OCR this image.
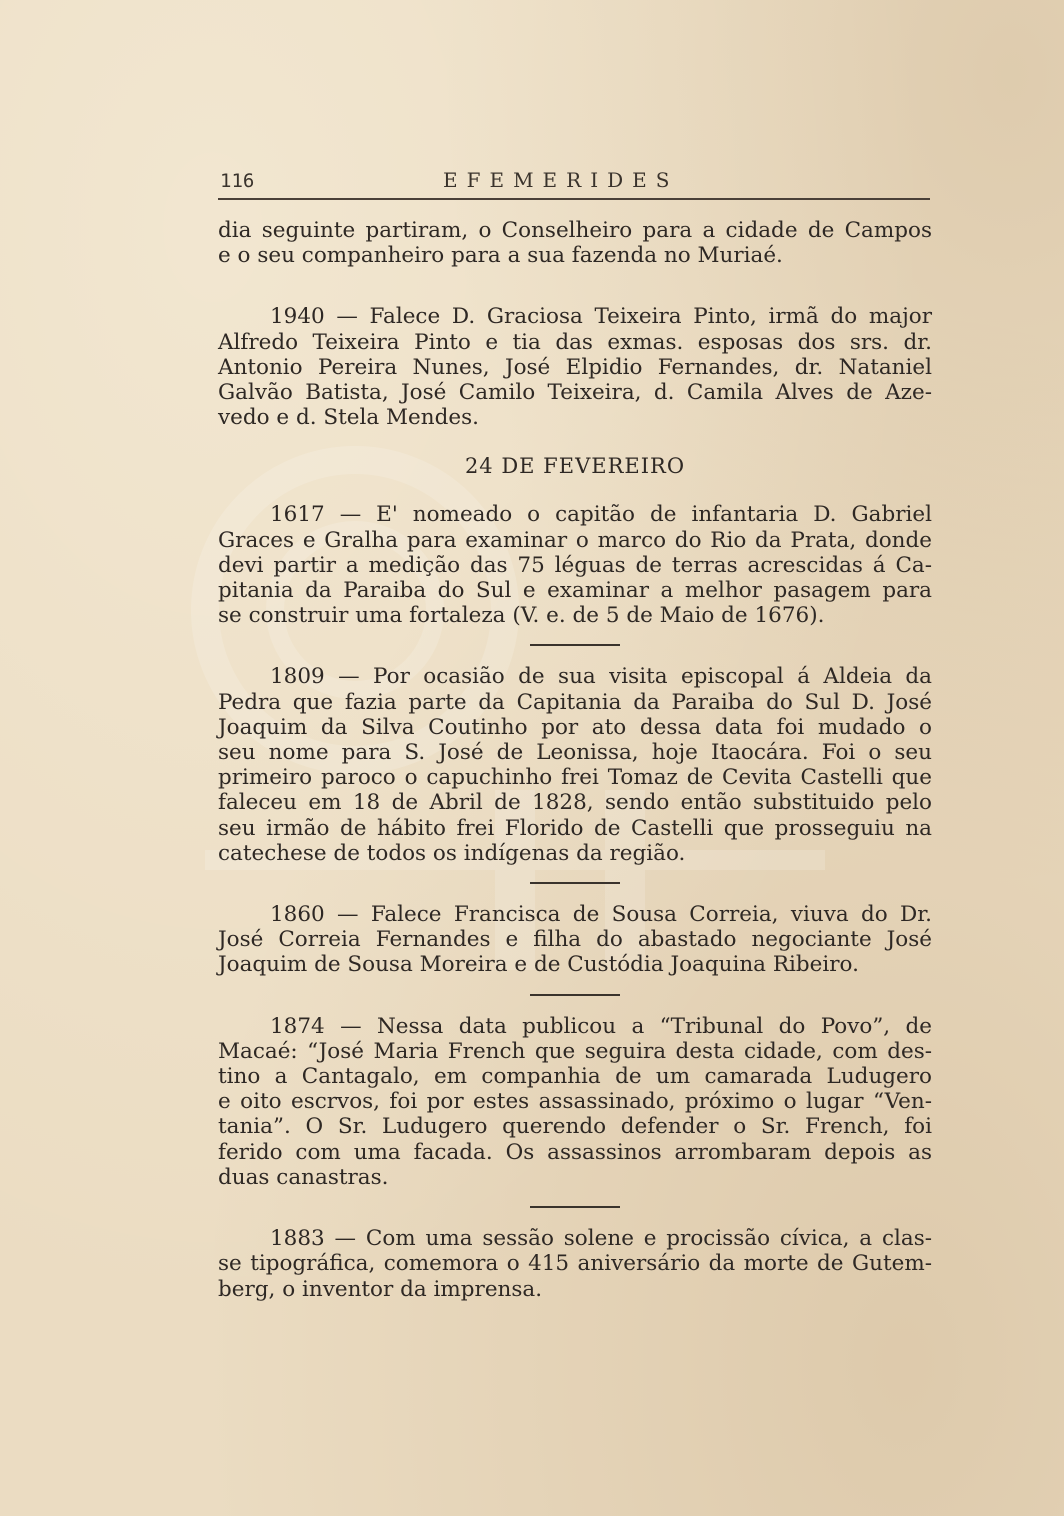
116	EFEMERIDES

dia seguinte partiram, o Conselheiro para a cidade de Campos
e o seu companheiro para a sua fazenda no Muriaé.

1940 — Falece D. Graciosa Teixeira Pinto, irmã do major
Alfredo Teixeira Pinto e tia das exmas. esposas dos srs. dr.
Antonio Pereira Nunes, José Elpidio Fernandes, dr. Nataniel
Galvão Batista, José Camilo Teixeira, d. Camila Alves de Aze-
vedo e d. Stela Mendes.

24 DE FEVEREIRO

1617 — E' nomeado o capitão de infantaria D. Gabriel
Graces e Gralha para examinar o marco do Rio da Prata, donde
devi partir a medição das 75 léguas de terras acrescidas á Ca-
pitania da Paraiba do Sul e examinar a melhor pasagem para
se construir uma fortaleza (V. e. de 5 de Maio de 1676).

1809 — Por ocasião de sua visita episcopal á Aldeia da
Pedra que fazia parte da Capitania da Paraiba do Sul D. José
Joaquim da Silva Coutinho por ato dessa data foi mudado o
seu nome para S. José de Leonissa, hoje Itaocára. Foi o seu
primeiro paroco o capuchinho frei Tomaz de Cevita Castelli que
faleceu em 18 de Abril de 1828, sendo então substituido pelo
seu irmão de hábito frei Florido de Castelli que prosseguiu na
catechese de todos os indígenas da região.

1860 — Falece Francisca de Sousa Correia, viuva do Dr.
José Correia Fernandes e filha do abastado negociante José
Joaquim de Sousa Moreira e de Custódia Joaquina Ribeiro.

1874 — Nessa data publicou a “Tribunal do Povo”, de
Macaé: “José Maria French que seguira desta cidade, com des-
tino a Cantagalo, em companhia de um camarada Ludugero
e oito escrvos, foi por estes assassinado, próximo o lugar “Ven-
tania”. O Sr. Ludugero querendo defender o Sr. French, foi
ferido com uma facada. Os assassinos arrombaram depois as
duas canastras.

1883 — Com uma sessão solene e procissão cívica, a clas-
se tipográfica, comemora o 415 aniversário da morte de Gutem-
berg, o inventor da imprensa.
